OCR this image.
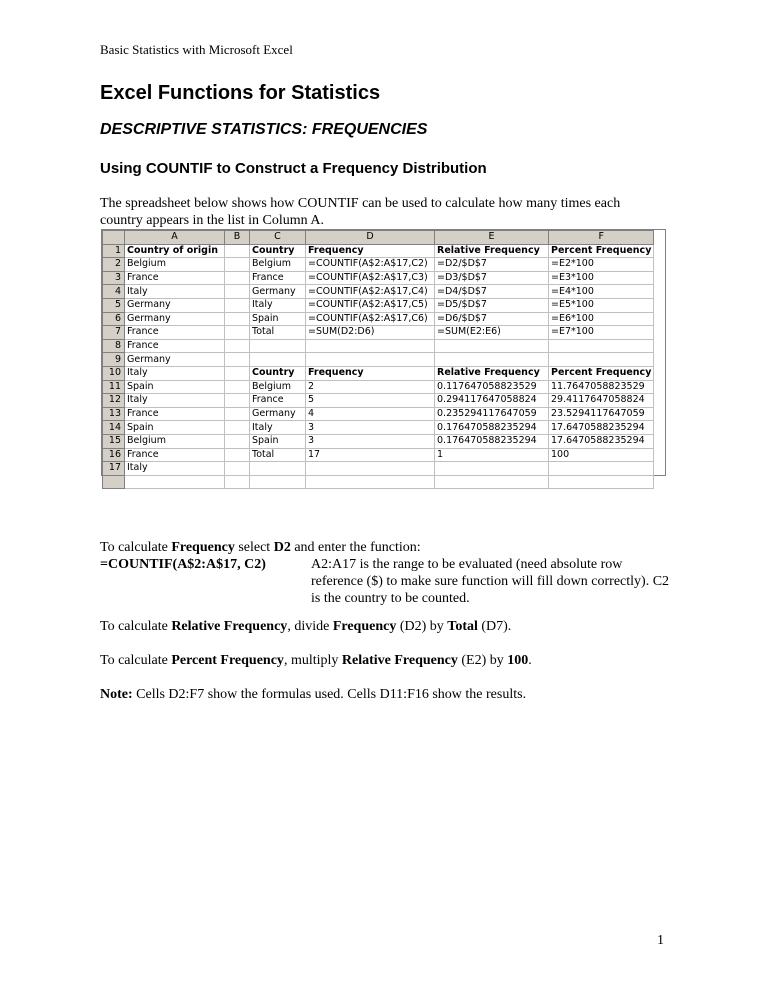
Basic Statistics with Microsoft Excel
Excel Functions for Statistics
DESCRIPTIVE STATISTICS: FREQUENCIES
Using COUNTIF to Construct a Frequency Distribution
The spreadsheet below shows how COUNTIF can be used to calculate how many times each country appears in the list in Column A.
	A	B	C	D	E	F
1	Country of origin		Country	Frequency	Relative Frequency	Percent Frequency
2	Belgium		Belgium	=COUNTIF(A$2:A$17,C2)	=D2/$D$7	=E2*100
3	France		France	=COUNTIF(A$2:A$17,C3)	=D3/$D$7	=E3*100
4	Italy		Germany	=COUNTIF(A$2:A$17,C4)	=D4/$D$7	=E4*100
5	Germany		Italy	=COUNTIF(A$2:A$17,C5)	=D5/$D$7	=E5*100
6	Germany		Spain	=COUNTIF(A$2:A$17,C6)	=D6/$D$7	=E6*100
7	France		Total	=SUM(D2:D6)	=SUM(E2:E6)	=E7*100
8	France					
9	Germany					
10	Italy		Country	Frequency	Relative Frequency	Percent Frequency
11	Spain		Belgium	2	0.117647058823529	11.7647058823529
12	Italy		France	5	0.294117647058824	29.4117647058824
13	France		Germany	4	0.235294117647059	23.5294117647059
14	Spain		Italy	3	0.176470588235294	17.6470588235294
15	Belgium		Spain	3	0.176470588235294	17.6470588235294
16	France		Total	17	1	100
17	Italy					

To calculate Frequency select D2 and enter the function:
=COUNTIF(A$2:A$17, C2)	A2:A17 is the range to be evaluated (need absolute row reference ($) to make sure function will fill down correctly). C2 is the country to be counted.
To calculate Relative Frequency, divide Frequency (D2) by Total (D7).
To calculate Percent Frequency, multiply Relative Frequency (E2) by 100.
Note: Cells D2:F7 show the formulas used. Cells D11:F16 show the results.
1
